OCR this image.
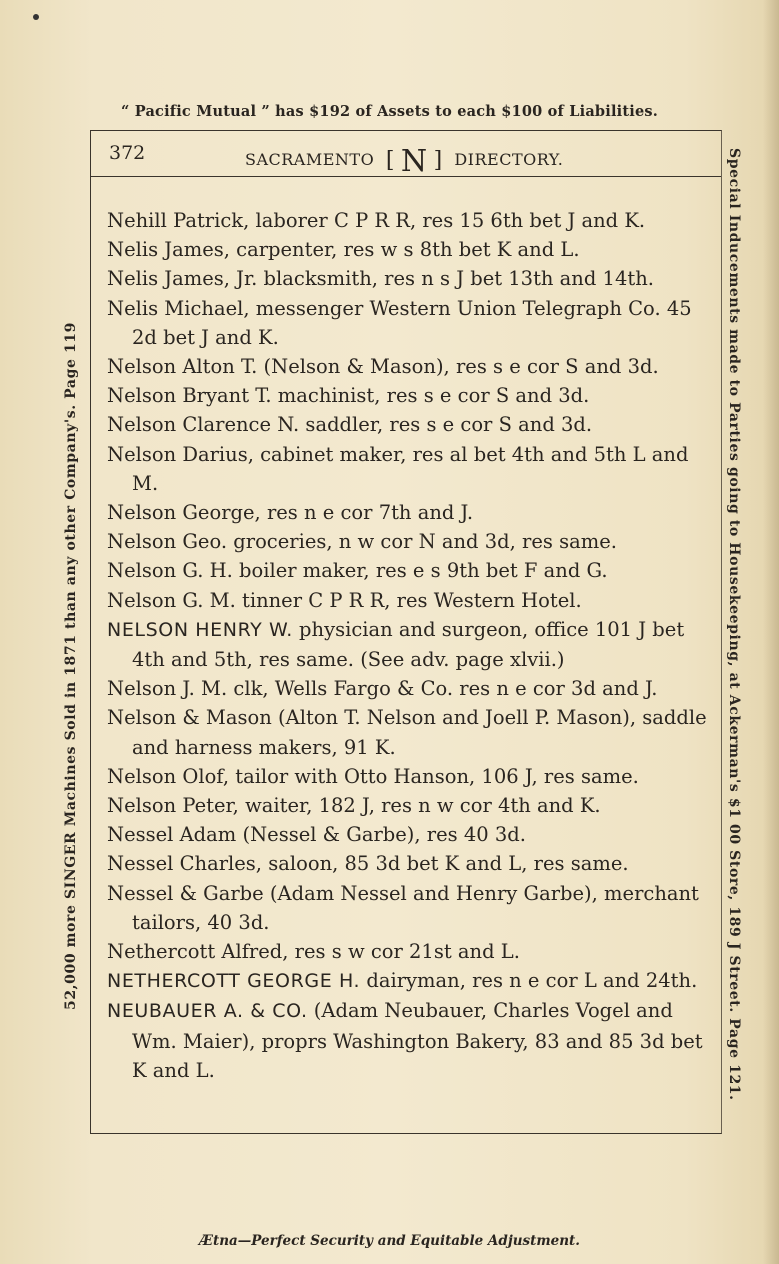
“ Pacific Mutual ” has $192 of Assets to each $100 of Liabilities.
52,000 more SINGER Machines Sold in 1871 than any other Company's. Page 119	Special Inducements made to Parties going to Housekeeping, at Ackerman's $1 00 Store, 189 J Street. Page 121.
372	SACRAMENTO [ N ] DIRECTORY.

Nehill Patrick, laborer C P R R, res 15 6th bet J and K.

Nelis James, carpenter, res w s 8th bet K and L.

Nelis James, Jr. blacksmith, res n s J bet 13th and 14th.

Nelis Michael, messenger Western Union Telegraph Co. 45 2d bet J and K.

Nelson Alton T. (Nelson & Mason), res s e cor S and 3d.

Nelson Bryant T. machinist, res s e cor S and 3d.

Nelson Clarence N. saddler, res s e cor S and 3d.

Nelson Darius, cabinet maker, res al bet 4th and 5th L and M.

Nelson George, res n e cor 7th and J.

Nelson Geo. groceries, n w cor N and 3d, res same.

Nelson G. H. boiler maker, res e s 9th bet F and G.

Nelson G. M. tinner C P R R, res Western Hotel.

NELSON HENRY W. physician and surgeon, office 101 J bet 4th and 5th, res same. (See adv. page xlvii.)

Nelson J. M. clk, Wells Fargo & Co. res n e cor 3d and J.

Nelson & Mason (Alton T. Nelson and Joell P. Mason), saddle and harness makers, 91 K.

Nelson Olof, tailor with Otto Hanson, 106 J, res same.

Nelson Peter, waiter, 182 J, res n w cor 4th and K.

Nessel Adam (Nessel & Garbe), res 40 3d.

Nessel Charles, saloon, 85 3d bet K and L, res same.

Nessel & Garbe (Adam Nessel and Henry Garbe), merchant tailors, 40 3d.

Nethercott Alfred, res s w cor 21st and L.

NETHERCOTT GEORGE H. dairyman, res n e cor L and 24th.

NEUBAUER A. & CO. (Adam Neubauer, Charles Vogel and Wm. Maier), proprs Washington Bakery, 83 and 85 3d bet K and L.

Ætna—Perfect Security and Equitable Adjustment.
